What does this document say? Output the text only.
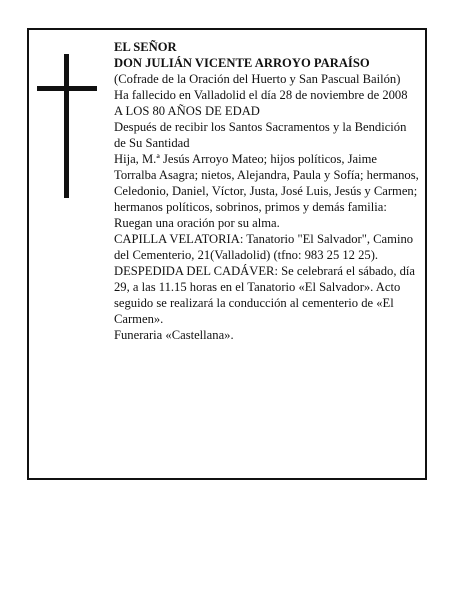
EL SEÑOR

DON JULIÁN VICENTE ARROYO PARAÍSO

(Cofrade de la Oración del Huerto y San Pascual Bailón)

Ha fallecido en Valladolid el día 28 de noviembre de 2008

A LOS 80 AÑOS DE EDAD

Después de recibir los Santos Sacramentos y la Bendición de Su Santidad

Hija, M.ª Jesús Arroyo Mateo; hijos políticos, Jaime Torralba Asagra; nietos, Alejandra, Paula y Sofía; hermanos, Celedonio, Daniel, Víctor, Justa, José Luis, Jesús y Carmen; hermanos políticos, sobrinos, primos y demás familia:

Ruegan una oración por su alma.

CAPILLA VELATORIA: Tanatorio "El Salvador", Camino del Cementerio, 21(Valladolid) (tfno: 983 25 12 25).

DESPEDIDA DEL CADÁVER: Se celebrará el sábado, día 29, a las 11.15 horas en el Tanatorio «El Salvador». Acto seguido se realizará la conducción al cementerio de «El Carmen».

Funeraria «Castellana».
